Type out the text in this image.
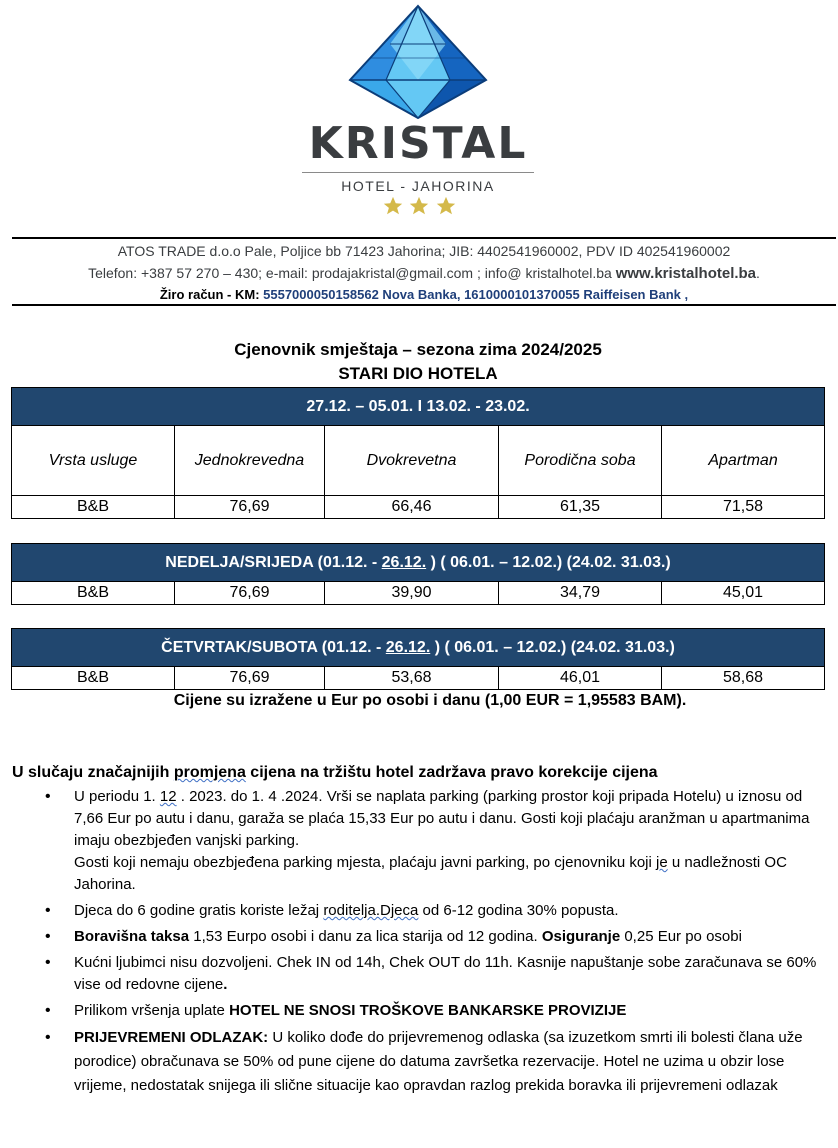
KRISTAL
HOTEL - JAHORINA

ATOS TRADE d.o.o Pale, Poljice bb 71423 Jahorina; JIB: 4402541960002, PDV ID 402541960002
Telefon: +387 57 270 – 430; e-mail: prodajakristal@gmail.com ; info@ kristalhotel.ba www.kristalhotel.ba.
Žiro račun - KM: 5557000050158562 Nova Banka, 1610000101370055 Raiffeisen Bank ,
Cjenovnik smještaja – sezona zima 2024/2025
STARI DIO HOTELA
27.12. – 05.01. I 13.02. - 23.02.				
Vrsta usluge	Jednokrevedna	Dvokrevetna	Porodična soba	Apartman
B&B	76,69	66,46	61,35	71,58
NEDELJA/SRIJEDA (01.12. - 26.12. ) ( 06.01. – 12.02.) (24.02. 31.03.)
B&B	76,69	39,90	34,79	45,01
ČETVRTAK/SUBOTA (01.12. - 26.12. ) ( 06.01. – 12.02.) (24.02. 31.03.)
B&B	76,69	53,68	46,01	58,68
Cijene su izražene u Eur po osobi i danu (1,00 EUR = 1,95583 BAM).
U slučaju značajnijih promjena cijena na tržištu hotel zadržava pravo korekcije cijena
• U periodu 1. 12 . 2023. do 1. 4 .2024. Vrši se naplata parking (parking prostor koji pripada Hotelu) u iznosu od 7,66 Eur po autu i danu, garaža se plaća 15,33 Eur po autu i danu. Gosti koji plaćaju aranžman u apartmanima imaju obezbjeđen vanjski parking.
Gosti koji nemaju obezbjeđena parking mjesta, plaćaju javni parking, po cjenovniku koji je u nadležnosti OC Jahorina.
• Djeca do 6 godine gratis koriste ležaj roditelja.Djeca od 6-12 godina 30% popusta.
• Boravišna taksa 1,53 Eurpo osobi i danu za lica starija od 12 godina. Osiguranje 0,25 Eur po osobi
• Kućni ljubimci nisu dozvoljeni. Chek IN od 14h, Chek OUT do 11h. Kasnije napuštanje sobe zaračunava se 60% vise od redovne cijene.
• Prilikom vršenja uplate HOTEL NE SNOSI TROŠKOVE BANKARSKE PROVIZIJE
• PRIJEVREMENI ODLAZAK: U koliko dođe do prijevremenog odlaska (sa izuzetkom smrti ili bolesti člana uže porodice) obračunava se 50% od pune cijene do datuma završetka rezervacije. Hotel ne uzima u obzir lose vrijeme, nedostatak snijega ili slične situacije kao opravdan razlog prekida boravka ili prijevremeni odlazak
